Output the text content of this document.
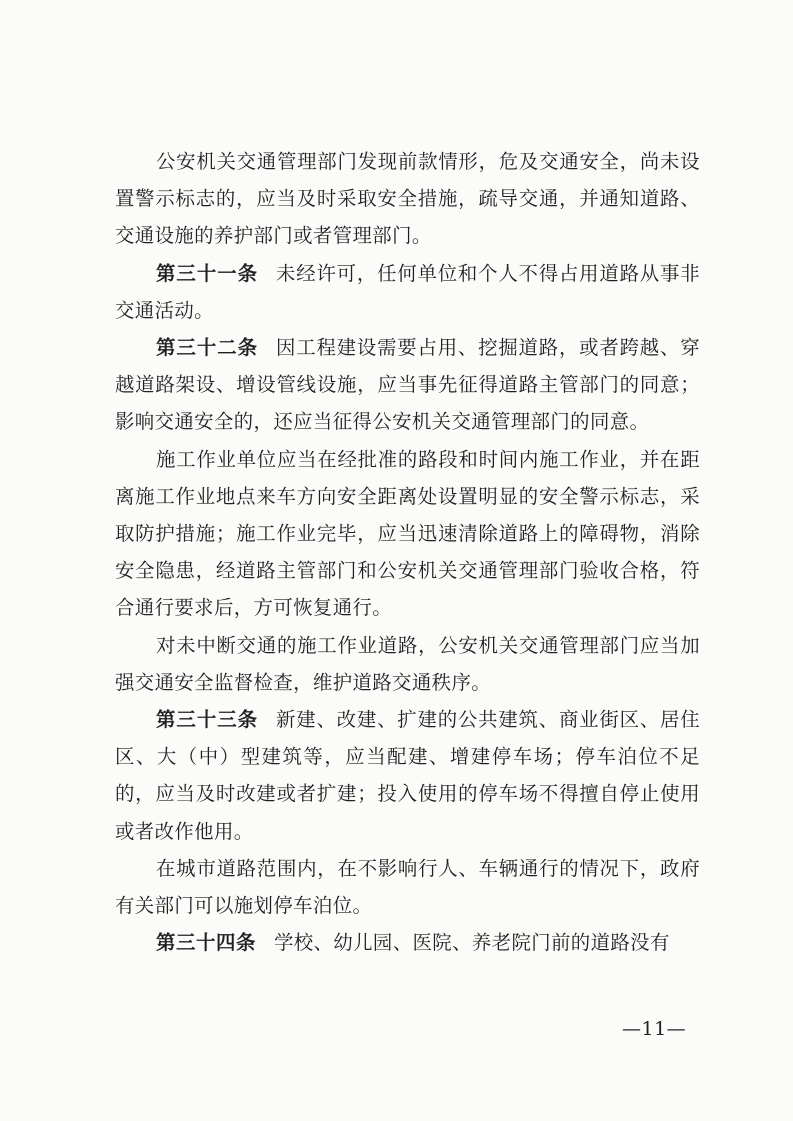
公安机关交通管理部门发现前款情形，危及交通安全，尚未设置警示标志的，应当及时采取安全措施，疏导交通，并通知道路、交通设施的养护部门或者管理部门。

第三十一条 未经许可，任何单位和个人不得占用道路从事非交通活动。

第三十二条 因工程建设需要占用、挖掘道路，或者跨越、穿越道路架设、增设管线设施，应当事先征得道路主管部门的同意；影响交通安全的，还应当征得公安机关交通管理部门的同意。

施工作业单位应当在经批准的路段和时间内施工作业，并在距离施工作业地点来车方向安全距离处设置明显的安全警示标志，采取防护措施；施工作业完毕，应当迅速清除道路上的障碍物，消除安全隐患，经道路主管部门和公安机关交通管理部门验收合格，符合通行要求后，方可恢复通行。

对未中断交通的施工作业道路，公安机关交通管理部门应当加强交通安全监督检查，维护道路交通秩序。

第三十三条 新建、改建、扩建的公共建筑、商业街区、居住区、大（中）型建筑等，应当配建、增建停车场；停车泊位不足的，应当及时改建或者扩建；投入使用的停车场不得擅自停止使用或者改作他用。

在城市道路范围内，在不影响行人、车辆通行的情况下，政府有关部门可以施划停车泊位。

第三十四条 学校、幼儿园、医院、养老院门前的道路没有

—11—
